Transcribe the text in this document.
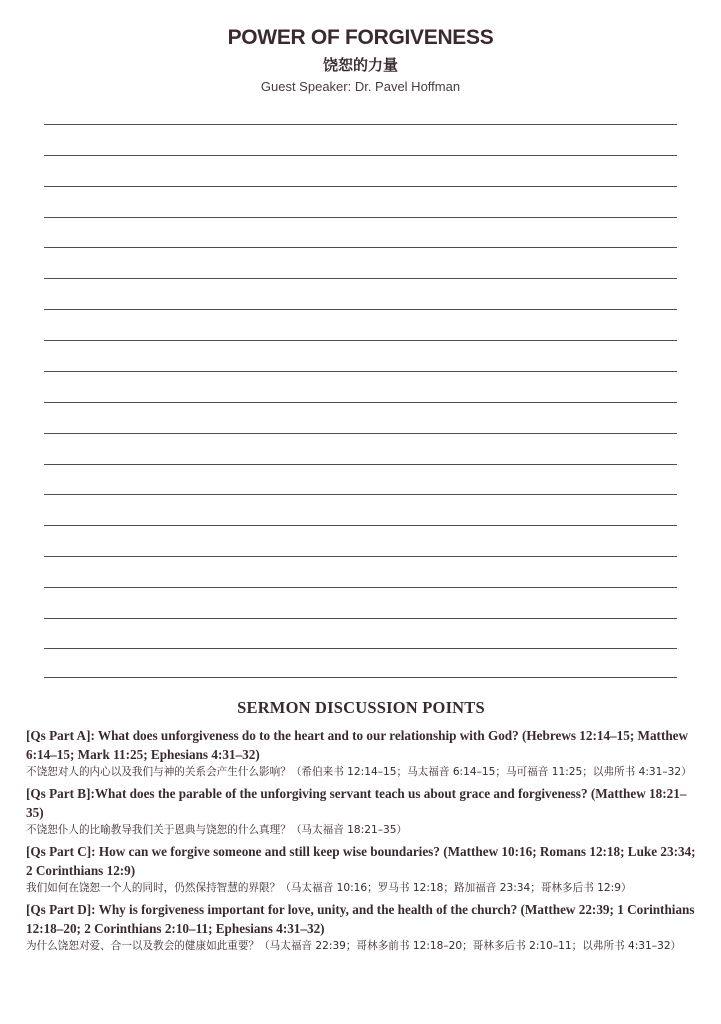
POWER OF FORGIVENESS
饶恕的力量
Guest Speaker: Dr. Pavel Hoffman
SERMON DISCUSSION POINTS
[Qs Part A]: What does unforgiveness do to the heart and to our relationship with God? (Hebrews 12:14–15; Matthew 6:14–15; Mark 11:25; Ephesians 4:31–32)
不饶恕对人的内心以及我们与神的关系会产生什么影响？（希伯来书 12:14–15；马太福音 6:14–15；马可福音 11:25；以弗所书 4:31–32）
[Qs Part B]:What does the parable of the unforgiving servant teach us about grace and forgiveness? (Matthew 18:21–35)
不饶恕仆人的比喻教导我们关于恩典与饶恕的什么真理？（马太福音 18:21–35）
[Qs Part C]: How can we forgive someone and still keep wise boundaries? (Matthew 10:16; Romans 12:18; Luke 23:34; 2 Corinthians 12:9)
我们如何在饶恕一个人的同时，仍然保持智慧的界限？（马太福音 10:16；罗马书 12:18；路加福音 23:34；哥林多后书 12:9）
[Qs Part D]: Why is forgiveness important for love, unity, and the health of the church? (Matthew 22:39; 1 Corinthians 12:18–20; 2 Corinthians 2:10–11; Ephesians 4:31–32)
为什么饶恕对爱、合一以及教会的健康如此重要？（马太福音 22:39；哥林多前书 12:18–20；哥林多后书 2:10–11；以弗所书 4:31–32）
